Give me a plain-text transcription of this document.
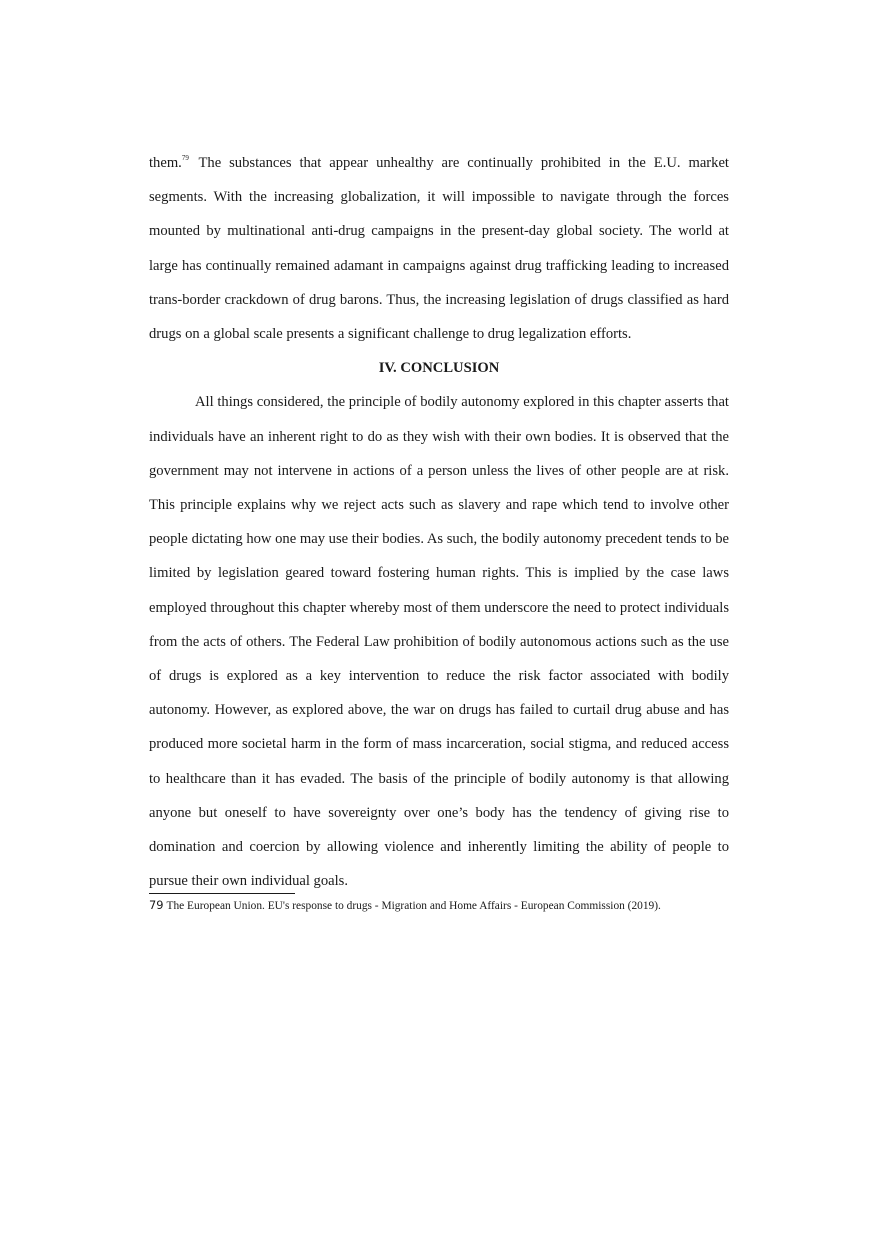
them.$^{79}$ The substances that appear unhealthy are continually prohibited in the E.U. market segments. With the increasing globalization, it will impossible to navigate through the forces mounted by multinational anti-drug campaigns in the present-day global society. The world at large has continually remained adamant in campaigns against drug trafficking leading to increased trans-border crackdown of drug barons. Thus, the increasing legislation of drugs classified as hard drugs on a global scale presents a significant challenge to drug legalization efforts.

IV. CONCLUSION

All things considered, the principle of bodily autonomy explored in this chapter asserts that individuals have an inherent right to do as they wish with their own bodies. It is observed that the government may not intervene in actions of a person unless the lives of other people are at risk. This principle explains why we reject acts such as slavery and rape which tend to involve other people dictating how one may use their bodies. As such, the bodily autonomy precedent tends to be limited by legislation geared toward fostering human rights. This is implied by the case laws employed throughout this chapter whereby most of them underscore the need to protect individuals from the acts of others. The Federal Law prohibition of bodily autonomous actions such as the use of drugs is explored as a key intervention to reduce the risk factor associated with bodily autonomy. However, as explored above, the war on drugs has failed to curtail drug abuse and has produced more societal harm in the form of mass incarceration, social stigma, and reduced access to healthcare than it has evaded. The basis of the principle of bodily autonomy is that allowing anyone but oneself to have sovereignty over one’s body has the tendency of giving rise to domination and coercion by allowing violence and inherently limiting the ability of people to pursue their own individual goals.

79 The European Union. EU's response to drugs - Migration and Home Affairs - European Commission (2019).
